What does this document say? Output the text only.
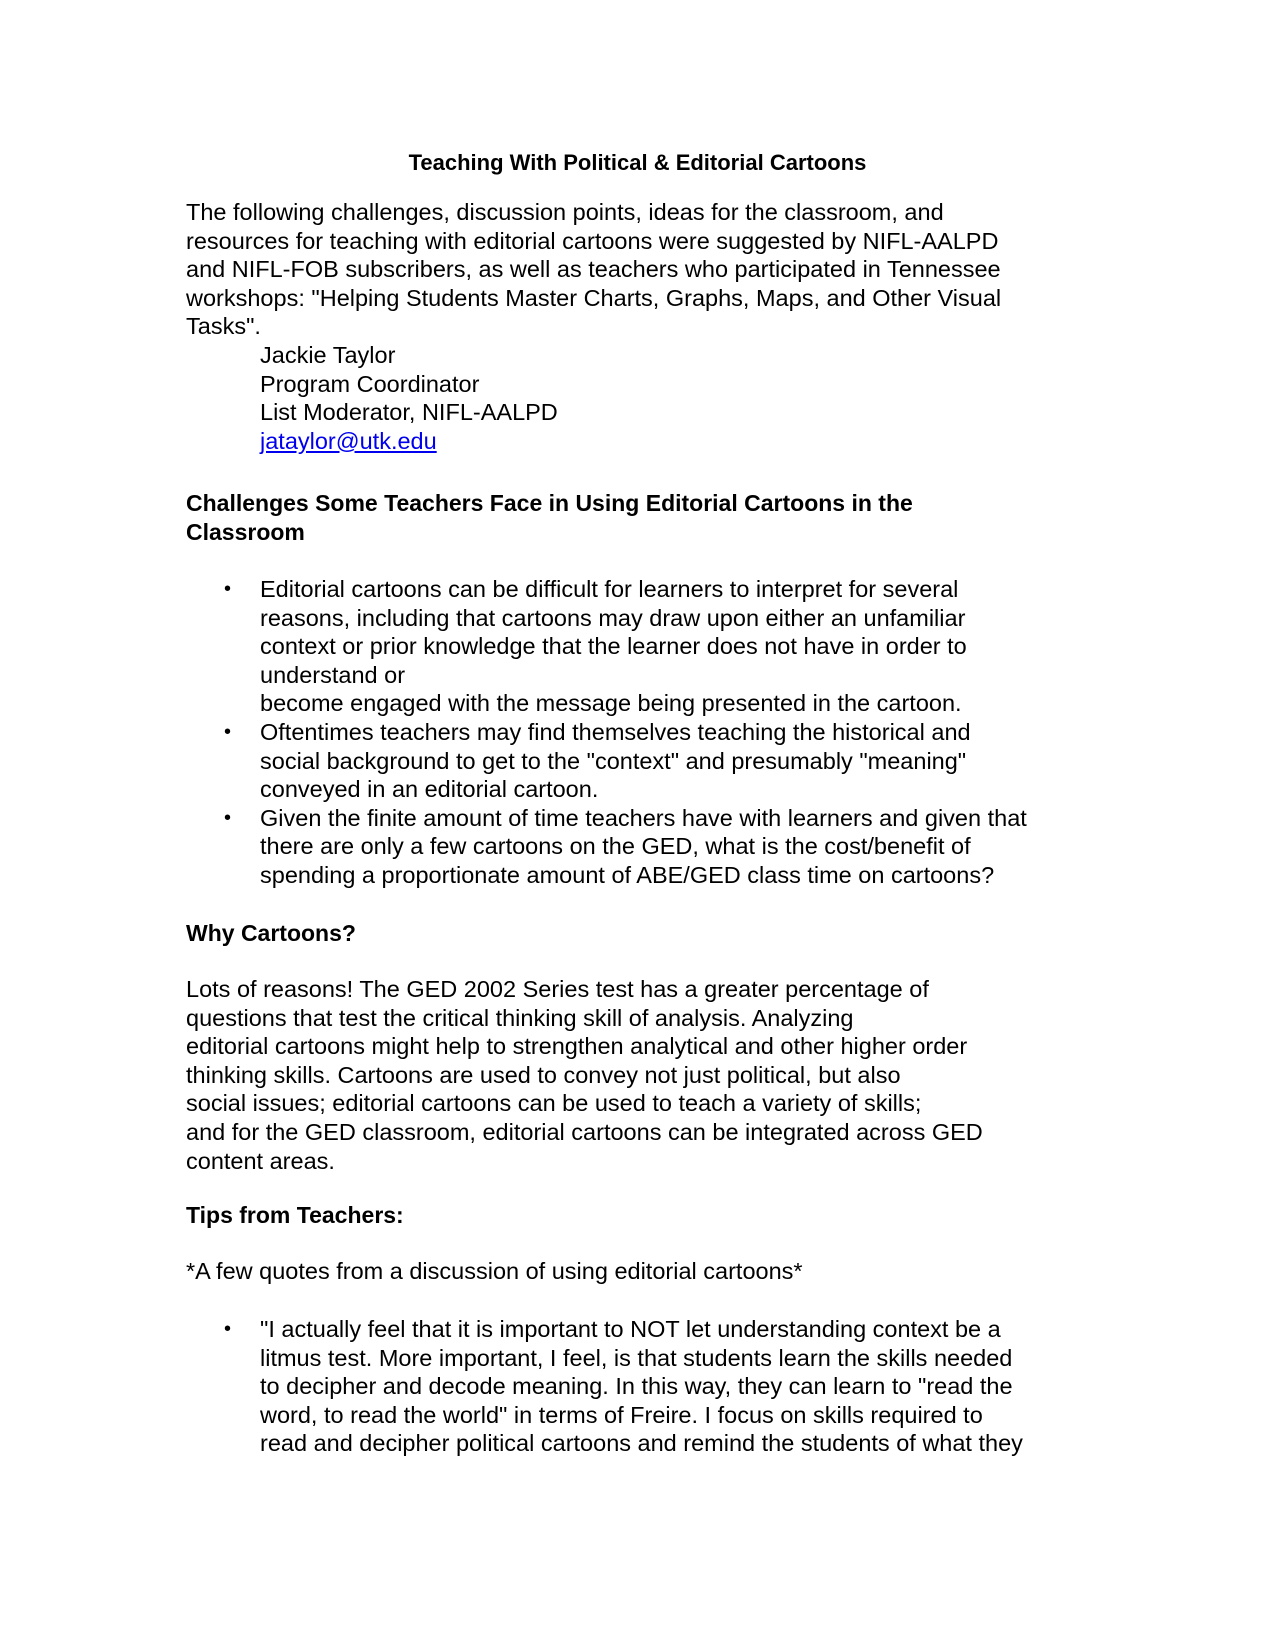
Teaching With Political & Editorial Cartoons
The following challenges, discussion points, ideas for the classroom, and
resources for teaching with editorial cartoons were suggested by NIFL-AALPD
and NIFL-FOB subscribers, as well as teachers who participated in Tennessee
workshops: "Helping Students Master Charts, Graphs, Maps, and Other Visual
Tasks".
Jackie Taylor
Program Coordinator
List Moderator, NIFL-AALPD
jataylor@utk.edu
Challenges Some Teachers Face in Using Editorial Cartoons in the
Classroom
• Editorial cartoons can be difficult for learners to interpret for several
reasons, including that cartoons may draw upon either an unfamiliar
context or prior knowledge that the learner does not have in order to
understand or
become engaged with the message being presented in the cartoon.
• Oftentimes teachers may find themselves teaching the historical and
social background to get to the "context" and presumably "meaning"
conveyed in an editorial cartoon.
• Given the finite amount of time teachers have with learners and given that
there are only a few cartoons on the GED, what is the cost/benefit of
spending a proportionate amount of ABE/GED class time on cartoons?
Why Cartoons?
Lots of reasons! The GED 2002 Series test has a greater percentage of
questions that test the critical thinking skill of analysis. Analyzing
editorial cartoons might help to strengthen analytical and other higher order
thinking skills. Cartoons are used to convey not just political, but also
social issues; editorial cartoons can be used to teach a variety of skills;
and for the GED classroom, editorial cartoons can be integrated across GED
content areas.
Tips from Teachers:
*A few quotes from a discussion of using editorial cartoons*
• "I actually feel that it is important to NOT let understanding context be a
litmus test. More important, I feel, is that students learn the skills needed
to decipher and decode meaning. In this way, they can learn to "read the
word, to read the world" in terms of Freire. I focus on skills required to
read and decipher political cartoons and remind the students of what they
